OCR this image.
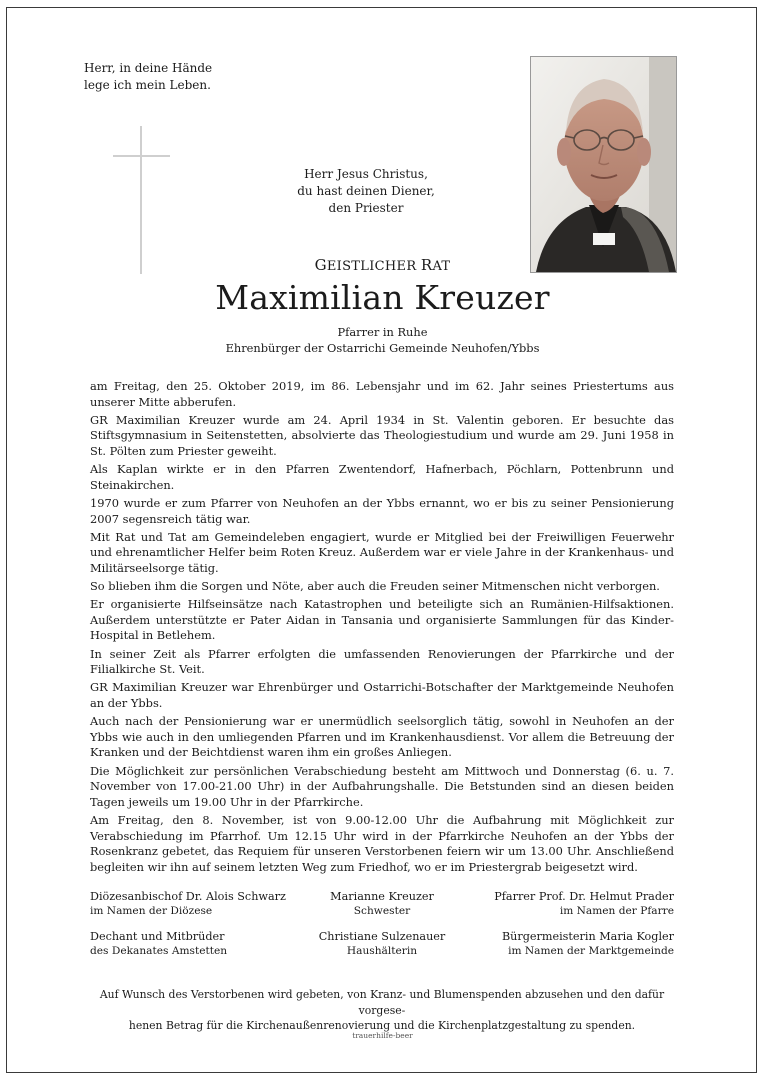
Herr, in deine Hände
lege ich mein Leben.
Herr Jesus Christus,
du hast deinen Diener,
den Priester
GEISTLICHER RAT
Maximilian Kreuzer
Pfarrer in Ruhe
Ehrenbürger der Ostarrichi Gemeinde Neuhofen/Ybbs

am Freitag, den 25. Oktober 2019, im 86. Lebensjahr und im 62. Jahr seines Priestertums aus unserer Mitte abberufen.

GR Maximilian Kreuzer wurde am 24. April 1934 in St. Valentin geboren. Er besuchte das Stiftsgymnasium in Seitenstetten, absolvierte das Theologiestudium und wurde am 29. Juni 1958 in St. Pölten zum Priester geweiht.

Als Kaplan wirkte er in den Pfarren Zwentendorf, Hafnerbach, Pöchlarn, Pottenbrunn und Steinakirchen.

1970 wurde er zum Pfarrer von Neuhofen an der Ybbs ernannt, wo er bis zu seiner Pensionierung 2007 segensreich tätig war.

Mit Rat und Tat am Gemeindeleben engagiert, wurde er Mitglied bei der Freiwilligen Feuerwehr und ehrenamtlicher Helfer beim Roten Kreuz. Außerdem war er viele Jahre in der Krankenhaus- und Militärseelsorge tätig.

So blieben ihm die Sorgen und Nöte, aber auch die Freuden seiner Mitmenschen nicht verborgen.

Er organisierte Hilfseinsätze nach Katastrophen und beteiligte sich an Rumänien-Hilfsaktionen. Außerdem unterstützte er Pater Aidan in Tansania und organisierte Sammlungen für das Kinder-Hospital in Betlehem.

In seiner Zeit als Pfarrer erfolgten die umfassenden Renovierungen der Pfarrkirche und der Filialkirche St. Veit.

GR Maximilian Kreuzer war Ehrenbürger und Ostarrichi-Botschafter der Marktgemeinde Neuhofen an der Ybbs.

Auch nach der Pensionierung war er unermüdlich seelsorglich tätig, sowohl in Neuhofen an der Ybbs wie auch in den umliegenden Pfarren und im Krankenhausdienst. Vor allem die Betreuung der Kranken und der Beichtdienst waren ihm ein großes Anliegen.

Die Möglichkeit zur persönlichen Verabschiedung besteht am Mittwoch und Donnerstag (6. u. 7. November von 17.00-21.00 Uhr) in der Aufbahrungshalle. Die Betstunden sind an diesen beiden Tagen jeweils um 19.00 Uhr in der Pfarrkirche.

Am Freitag, den 8. November, ist von 9.00-12.00 Uhr die Aufbahrung mit Möglichkeit zur Verabschiedung im Pfarrhof. Um 12.15 Uhr wird in der Pfarrkirche Neuhofen an der Ybbs der Rosenkranz gebetet, das Requiem für unseren Verstorbenen feiern wir um 13.00 Uhr. Anschließend begleiten wir ihn auf seinem letzten Weg zum Friedhof, wo er im Priestergrab beigesetzt wird.

Diözesanbischof Dr. Alois Schwarz
im Namen der Diözese
Marianne Kreuzer
Schwester
Pfarrer Prof. Dr. Helmut Prader
im Namen der Pfarre
Dechant und Mitbrüder
des Dekanates Amstetten
Christiane Sulzenauer
Haushälterin
Bürgermeisterin Maria Kogler
im Namen der Marktgemeinde
Auf Wunsch des Verstorbenen wird gebeten, von Kranz- und Blumenspenden abzusehen und den dafür vorgese-
henen Betrag für die Kirchenaußenrenovierung und die Kirchenplatzgestaltung zu spenden.
trauerhilfe-beer
